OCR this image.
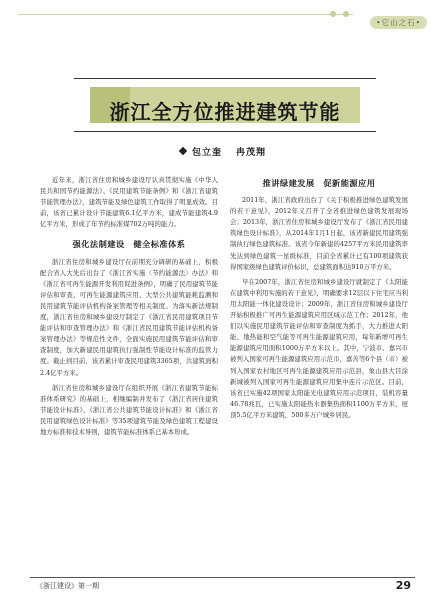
•它山之石•
浙江全方位推进建筑节能
包立奎 冉茂翔

近年来，浙江省住房和城乡建设厅认真贯彻实施《中华人民共和国节约能源法》、《民用建筑节能条例》和《浙江省建筑节能管理办法》，建筑节能及绿色建筑工作取得了明显成效。目前，该省已累计设计节能建筑6.1亿平方米，建成节能建筑4.9亿平方米，形成了年节约标准煤702万吨的能力。

强化法制建设　健全标准体系

浙江省住房和城乡建设厅在前期充分调研的基础上，积极配合省人大先后出台了《浙江省实施〈节约能源法〉办法》和《浙江省可再生能源开发利用促进条例》，明确了民用建筑节能评估和审查、可再生能源建筑应用、大型公共建筑能耗监测和民用建筑节能评估机构备案管理等相关制度。为落实新法规制度，浙江省住房和城乡建设厅制定了《浙江省民用建筑项目节能评估和审查管理办法》和《浙江省民用建筑节能评估机构备案管理办法》等规范性文件，全面实施民用建筑节能评估和审查制度，加大新建民用建筑执行强制性节能设计标准的监管力度。截止到目前，该省累计审查民用建筑3365项，共建筑面积2.4亿平方米。

浙江省住房和城乡建设厅在组织开展《浙江省建筑节能标准体系研究》的基础上，相继编制并发布了《浙江省居住建筑节能设计标准》、《浙江省公共建筑节能设计标准》和《浙江省民用建筑绿色设计标准》等35项建筑节能及绿色建筑工程建设地方标准和技术导则，建筑节能标准体系已基本形成。

推讲绿建发展　促新能源应用

2011年，浙江省政府出台了《关于积极推进绿色建筑发展的若干意见》，2012年又召开了全省推进绿色建筑发展现场会；2013年，浙江省住房和城乡建设厅发布了《浙江省民用建筑绿色设计标准》，从2014年1月1日起，该省新建民用建筑强制执行绿色建筑标准。该省今年新建的4257平方米民用建筑率先达到绿色建筑一星级标准，目前全省累计已有100项建筑获得国家级绿色建筑评价标识，总建筑面积达910万平方米。

早在2007年，浙江省住房和城乡建设厅就制定了《太阳能在建筑中利用实施的若干意见》，明确要求12层以下住宅应当利用太阳能一体化建设设计；2009年，浙江省住房和城乡建设厅开始积极推广可再生能源建筑应用区域示范工作；2012年，他们以实施民用建筑节能评估和审查制度为抓手，大力推进太阳能、地热能和空气能等可再生能源建筑应用，每年新增可再生能源建筑应用面积1000万平方米以上。其中，宁波市、嘉兴市被列入国家可再生能源建筑应用示范市，嘉善等6个县（市）被列入国家农村地区可再生能源建筑应用示范县，象山县大目涂新城被列入国家可再生能源建筑应用集中连片示范区。目前，该省已实施42项国家太阳能光电建筑应用示范项目，装机容量46.78兆瓦，已实施太阳能热水器集热面积1100万平方米，屋顶5.5亿平方米建筑，500多万户城乡居民。

《浙江建设》第一期	29
